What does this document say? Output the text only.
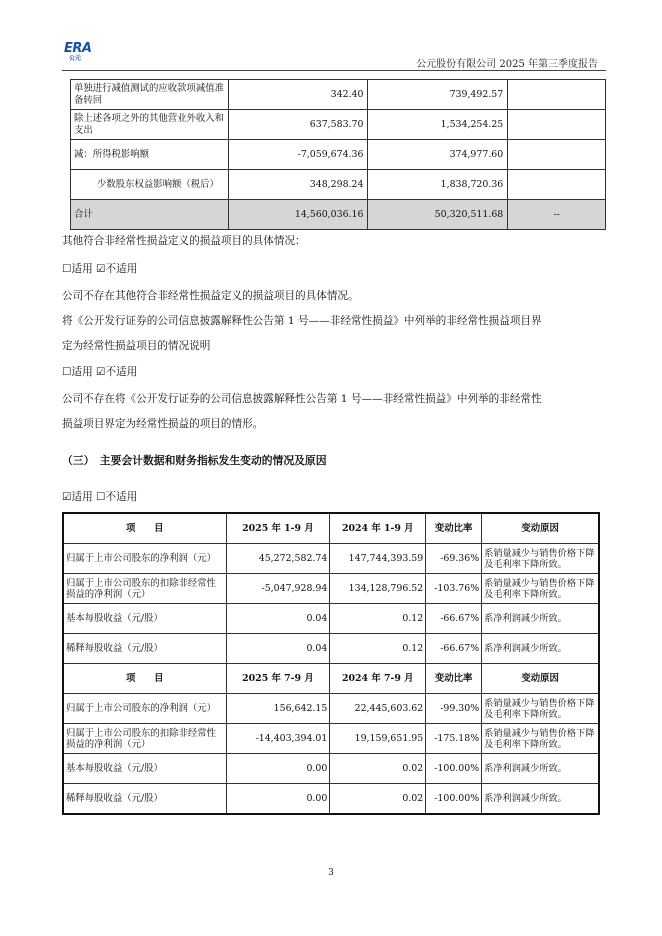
ERA
公元
公元股份有限公司 2025 年第三季度报告
单独进行减值测试的应收款项减值准备转回	342.40	739,492.57	
除上述各项之外的其他营业外收入和支出	637,583.70	1,534,254.25	
减：所得税影响额	-7,059,674.36	374,977.60	
少数股东权益影响额（税后）	348,298.24	1,838,720.36	
合计	14,560,036.16	50,320,511.68	--
其他符合非经常性损益定义的损益项目的具体情况：
☐适用 ☑不适用
公司不存在其他符合非经常性损益定义的损益项目的具体情况。
将《公开发行证券的公司信息披露解释性公告第 1 号——非经常性损益》中列举的非经常性损益项目界
定为经常性损益项目的情况说明
☐适用 ☑不适用
公司不存在将《公开发行证券的公司信息披露解释性公告第 1 号——非经常性损益》中列举的非经常性
损益项目界定为经常性损益的项目的情形。
（三）　主要会计数据和财务指标发生变动的情况及原因
☑适用 ☐不适用
项　　目	2025 年 1-9 月	2024 年 1-9 月	变动比率	变动原因
归属于上市公司股东的净利润（元）	45,272,582.74	147,744,393.59	-69.36%	系销量减少与销售价格下降及毛利率下降所致。
归属于上市公司股东的扣除非经常性损益的净利润（元）	-5,047,928.94	134,128,796.52	-103.76%	系销量减少与销售价格下降及毛利率下降所致。
基本每股收益（元/股）	0.04	0.12	-66.67%	系净利润减少所致。
稀释每股收益（元/股）	0.04	0.12	-66.67%	系净利润减少所致。
项　　目	2025 年 7-9 月	2024 年 7-9 月	变动比率	变动原因
归属于上市公司股东的净利润（元）	156,642.15	22,445,603.62	-99.30%	系销量减少与销售价格下降及毛利率下降所致。
归属于上市公司股东的扣除非经常性损益的净利润（元）	-14,403,394.01	19,159,651.95	-175.18%	系销量减少与销售价格下降及毛利率下降所致。
基本每股收益（元/股）	0.00	0.02	-100.00%	系净利润减少所致。
稀释每股收益（元/股）	0.00	0.02	-100.00%	系净利润减少所致。
3
